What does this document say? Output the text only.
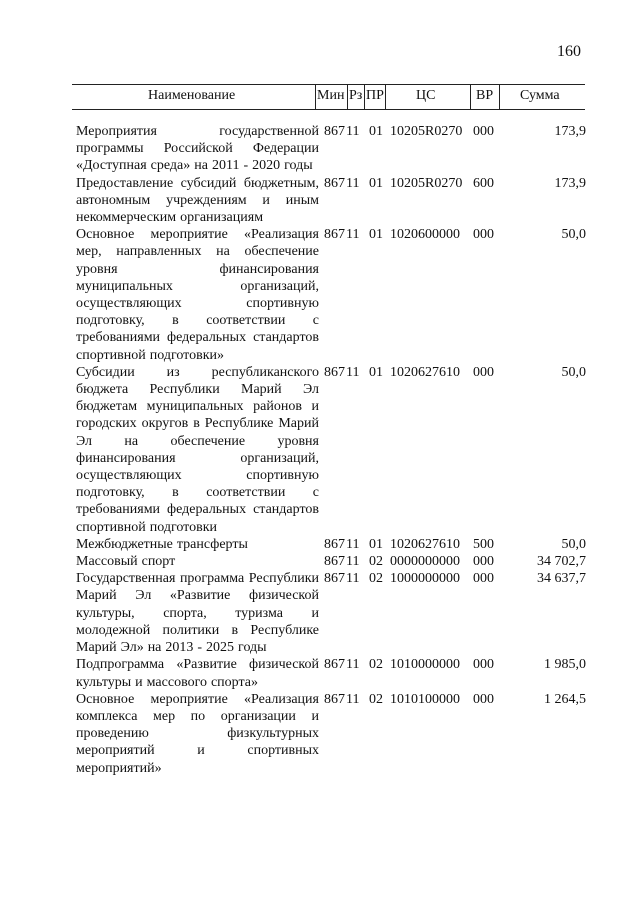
160
Наименование	Мин Рз ПР ЦС	ВР Сумма
Мероприятия государственной программы Российской Федерации «Доступная среда» на 2011 - 2020 годы
867 11 01 10205R0270 000	173,9
Предоставление субсидий бюджетным, автономным учреждениям и иным некоммерческим организациям
867 11 01 10205R0270 600	173,9
Основное мероприятие «Реализация мер, направленных на обеспечение уровня финансирования муниципальных организаций, осуществляющих спортивную подготовку, в соответствии с требованиями федеральных стандартов спортивной подготовки»
867 11 01 1020600000 000	50,0
Субсидии из республиканского бюджета Республики Марий Эл бюджетам муниципальных районов и городских округов в Республике Марий Эл на обеспечение уровня финансирования организаций, осуществляющих спортивную подготовку, в соответствии с требованиями федеральных стандартов спортивной подготовки
867 11 01 1020627610 000	50,0
Межбюджетные трансферты	867 11 01 1020627610 500	50,0
Массовый спорт	867 11 02 0000000000 000	34 702,7
Государственная программа Республики Марий Эл «Развитие физической культуры, спорта, туризма и молодежной политики в Республике Марий Эл» на 2013 - 2025 годы
867 11 02 1000000000 000	34 637,7
Подпрограмма «Развитие физической культуры и массового спорта»
867 11 02 1010000000 000	1 985,0
Основное мероприятие «Реализация комплекса мер по организации и проведению физкультурных мероприятий и спортивных мероприятий»
867 11 02 1010100000 000	1 264,5
